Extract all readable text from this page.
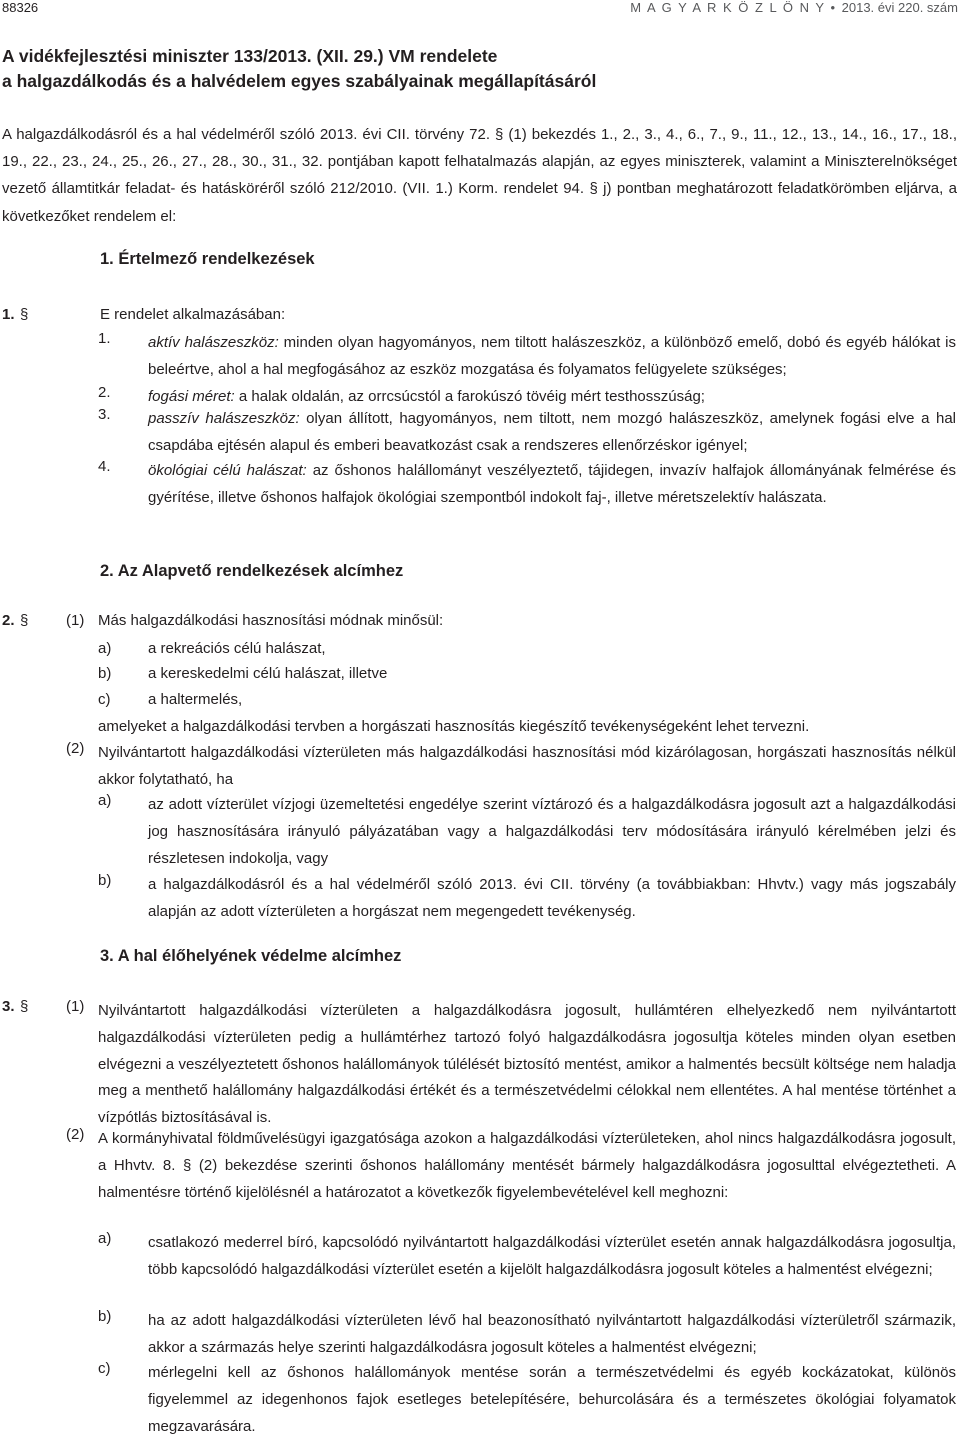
88326	M A G Y A R K Ö Z L Ö N Y • 2013. évi 220. szám
A vidékfejlesztési miniszter 133/2013. (XII. 29.) VM rendelete
a halgazdálkodás és a halvédelem egyes szabályainak megállapításáról
A halgazdálkodásról és a hal védelméről szóló 2013. évi CII. törvény 72. § (1) bekezdés 1., 2., 3., 4., 6., 7., 9., 11., 12., 13., 14., 16., 17., 18., 19., 22., 23., 24., 25., 26., 27., 28., 30., 31., 32. pontjában kapott felhatalmazás alapján, az egyes miniszterek, valamint a Miniszterelnökséget vezető államtitkár feladat- és hatásköréről szóló 212/2010. (VII. 1.) Korm. rendelet 94. § j) pontban meghatározott feladatkörömben eljárva, a következőket rendelem el:
1. Értelmező rendelkezések
1. §	E rendelet alkalmazásában:
1. aktív halászeszköz: minden olyan hagyományos, nem tiltott halászeszköz, a különböző emelő, dobó és egyéb hálókat is beleértve, ahol a hal megfogásához az eszköz mozgatása és folyamatos felügyelete szükséges;
2. fogási méret: a halak oldalán, az orrcsúcstól a farokúszó tövéig mért testhosszúság;
3. passzív halászeszköz: olyan állított, hagyományos, nem tiltott, nem mozgó halászeszköz, amelynek fogási elve a hal csapdába ejtésén alapul és emberi beavatkozást csak a rendszeres ellenőrzéskor igényel;
4. ökológiai célú halászat: az őshonos halállományt veszélyeztető, tájidegen, invazív halfajok állományának felmérése és gyérítése, illetve őshonos halfajok ökológiai szempontból indokolt faj-, illetve méretszelektív halászata.
2. Az Alapvető rendelkezések alcímhez
2. §	(1) Más halgazdálkodási hasznosítási módnak minősül:
a) a rekreációs célú halászat,
b) a kereskedelmi célú halászat, illetve
c)	a haltermelés,
amelyeket a halgazdálkodási tervben a horgászati hasznosítás kiegészítő tevékenységeként lehet tervezni.
(2) Nyilvántartott halgazdálkodási vízterületen más halgazdálkodási hasznosítási mód kizárólagosan, horgászati hasznosítás nélkül akkor folytatható, ha
a) az adott vízterület vízjogi üzemeltetési engedélye szerint víztározó és a halgazdálkodásra jogosult azt a halgazdálkodási jog hasznosítására irányuló pályázatában vagy a halgazdálkodási terv módosítására irányuló kérelmében jelzi és részletesen indokolja, vagy
b) a halgazdálkodásról és a hal védelméről szóló 2013. évi CII. törvény (a továbbiakban: Hhvtv.) vagy más jogszabály alapján az adott vízterületen a horgászat nem megengedett tevékenység.
3. A hal élőhelyének védelme alcímhez
3. §	(1) Nyilvántartott halgazdálkodási vízterületen a halgazdálkodásra jogosult, hullámtéren elhelyezkedő nem nyilvántartott halgazdálkodási vízterületen pedig a hullámtérhez tartozó folyó halgazdálkodásra jogosultja köteles minden olyan esetben elvégezni a veszélyeztetett őshonos halállományok túlélését biztosító mentést, amikor a halmentés becsült költsége nem haladja meg a menthető halállomány halgazdálkodási értékét és a természetvédelmi célokkal nem ellentétes. A hal mentése történhet a vízpótlás biztosításával is.
(2) A kormányhivatal földművelésügyi igazgatósága azokon a halgazdálkodási vízterületeken, ahol nincs halgazdálkodásra jogosult, a Hhvtv. 8. § (2) bekezdése szerinti őshonos halállomány mentését bármely halgazdálkodásra jogosulttal elvégeztetheti. A halmentésre történő kijelölésnél a határozatot a következők figyelembevételével kell meghozni:
a) csatlakozó mederrel bíró, kapcsolódó nyilvántartott halgazdálkodási vízterület esetén annak halgazdálkodásra jogosultja, több kapcsolódó halgazdálkodási vízterület esetén a kijelölt halgazdálkodásra jogosult köteles a halmentést elvégezni;
b) ha az adott halgazdálkodási vízterületen lévő hal beazonosítható nyilvántartott halgazdálkodási vízterületről származik, akkor a származás helye szerinti halgazdálkodásra jogosult köteles a halmentést elvégezni;
c)	mérlegelni kell az őshonos halállományok mentése során a természetvédelmi és egyéb kockázatokat, különös figyelemmel az idegenhonos fajok esetleges betelepítésére, behurcolására és a természetes ökológiai folyamatok megzavarására.
